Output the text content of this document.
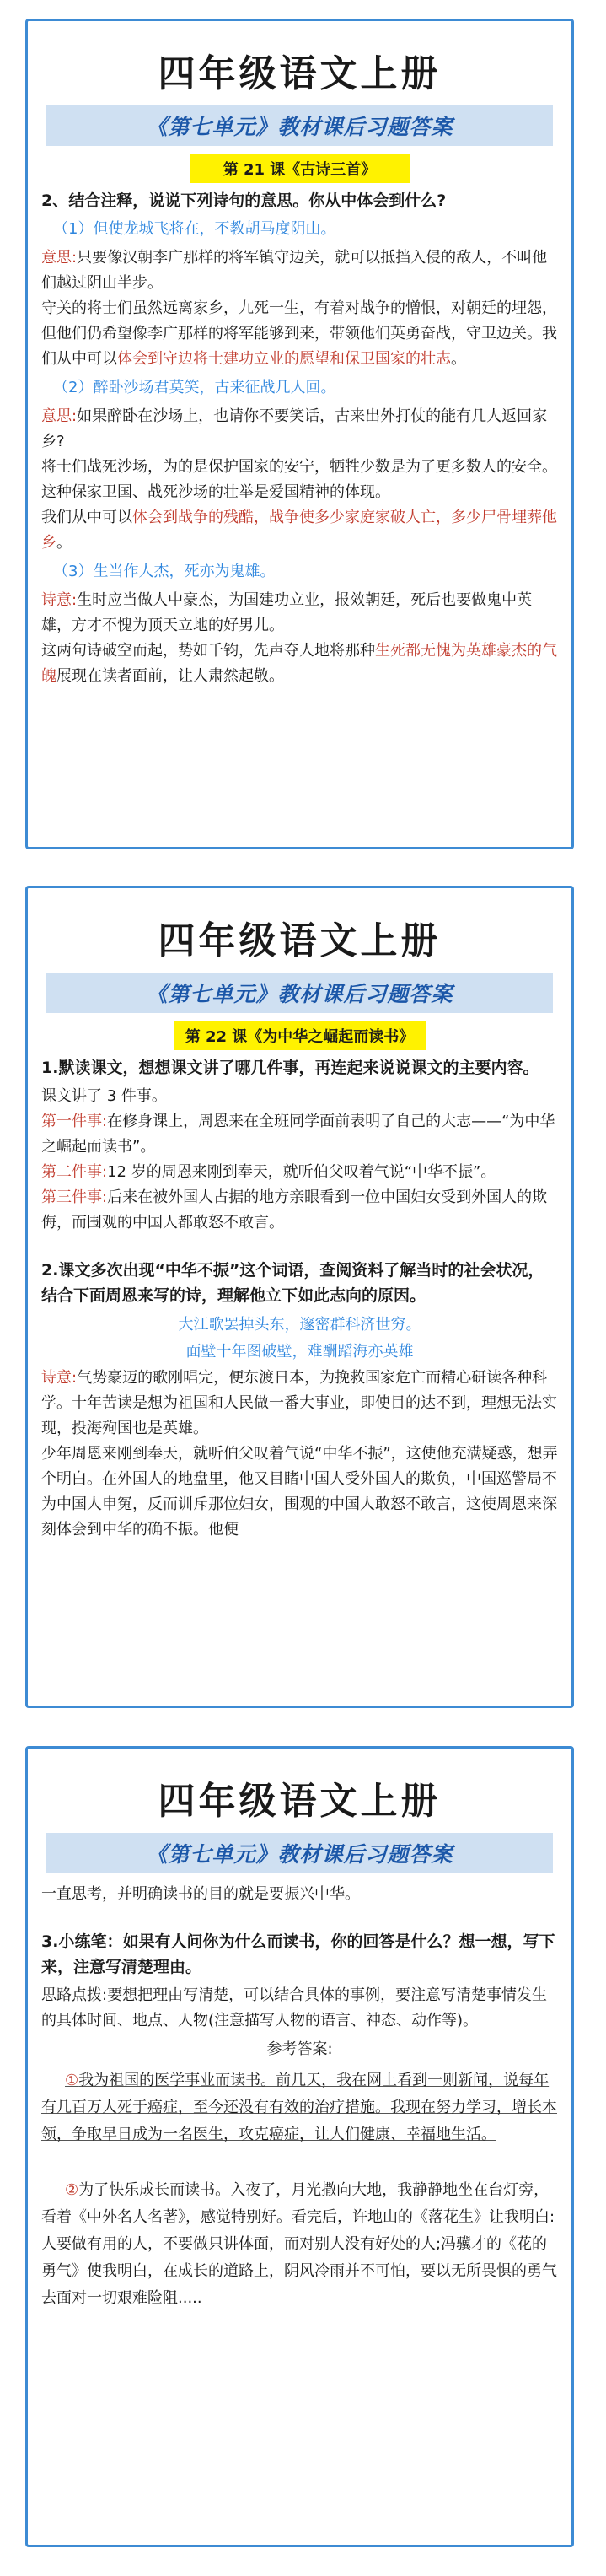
四年级语文上册
《第七单元》教材课后习题答案
第 21 课《古诗三首》

2、结合注释，说说下列诗句的意思。你从中体会到什么?

（1）但使龙城飞将在，不教胡马度阴山。

意思:只要像汉朝李广那样的将军镇守边关，就可以抵挡入侵的敌人，不叫他们越过阴山半步。

守关的将士们虽然远离家乡，九死一生，有着对战争的憎恨，对朝廷的埋怨，但他们仍希望像李广那样的将军能够到来，带领他们英勇奋战，守卫边关。我们从中可以体会到守边将士建功立业的愿望和保卫国家的壮志。

（2）醉卧沙场君莫笑，古来征战几人回。

意思:如果醉卧在沙场上，也请你不要笑话，古来出外打仗的能有几人返回家乡?

将士们战死沙场，为的是保护国家的安宁，牺牲少数是为了更多数人的安全。这种保家卫国、战死沙场的壮举是爱国精神的体现。

我们从中可以体会到战争的残酷，战争使多少家庭家破人亡，多少尸骨埋葬他乡。

（3）生当作人杰，死亦为鬼雄。

诗意:生时应当做人中豪杰，为国建功立业，报效朝廷，死后也要做鬼中英雄，方才不愧为顶天立地的好男儿。

这两句诗破空而起，势如千钧，先声夺人地将那种生死都无愧为英雄豪杰的气魄展现在读者面前，让人肃然起敬。

四年级语文上册
《第七单元》教材课后习题答案
第 22 课《为中华之崛起而读书》

1.默读课文，想想课文讲了哪几件事，再连起来说说课文的主要内容。

课文讲了 3 件事。

第一件事:在修身课上，周恩来在全班同学面前表明了自己的大志——“为中华之崛起而读书”。

第二件事:12 岁的周恩来刚到奉天，就听伯父叹着气说“中华不振”。

第三件事:后来在被外国人占据的地方亲眼看到一位中国妇女受到外国人的欺侮，而围观的中国人都敢怒不敢言。

2.课文多次出现“中华不振”这个词语，查阅资料了解当时的社会状况，结合下面周恩来写的诗，理解他立下如此志向的原因。

大江歌罢掉头东，邃密群科济世穷。

面壁十年图破壁，难酬蹈海亦英雄

诗意:气势豪迈的歌刚唱完，便东渡日本，为挽救国家危亡而精心研读各种科学。十年苦读是想为祖国和人民做一番大事业，即使目的达不到，理想无法实现，投海殉国也是英雄。

少年周恩来刚到奉天，就听伯父叹着气说“中华不振”，这使他充满疑惑，想弄个明白。在外国人的地盘里，他又目睹中国人受外国人的欺负，中国巡警局不为中国人申冤，反而训斥那位妇女，围观的中国人敢怒不敢言，这使周恩来深刻体会到中华的确不振。他便

四年级语文上册
《第七单元》教材课后习题答案

一直思考，并明确读书的目的就是要振兴中华。

3.小练笔：如果有人问你为什么而读书，你的回答是什么？想一想，写下来，注意写清楚理由。

思路点拨:要想把理由写清楚，可以结合具体的事例，要注意写清楚事情发生的具体时间、地点、人物(注意描写人物的语言、神态、动作等)。

参考答案:

①我为祖国的医学事业而读书。前几天，我在网上看到一则新闻，说每年有几百万人死于癌症，至今还没有有效的治疗措施。我现在努力学习，增长本领，争取早日成为一名医生，攻克癌症，让人们健康、幸福地生活。

②为了快乐成长而读书。入夜了，月光撒向大地，我静静地坐在台灯旁，看着《中外名人名著》，感觉特别好。看完后，许地山的《落花生》让我明白:人要做有用的人，不要做只讲体面，而对别人没有好处的人;冯骥才的《花的勇气》使我明白，在成长的道路上，阴风冷雨并不可怕，要以无所畏惧的勇气去面对一切艰难险阻.....
